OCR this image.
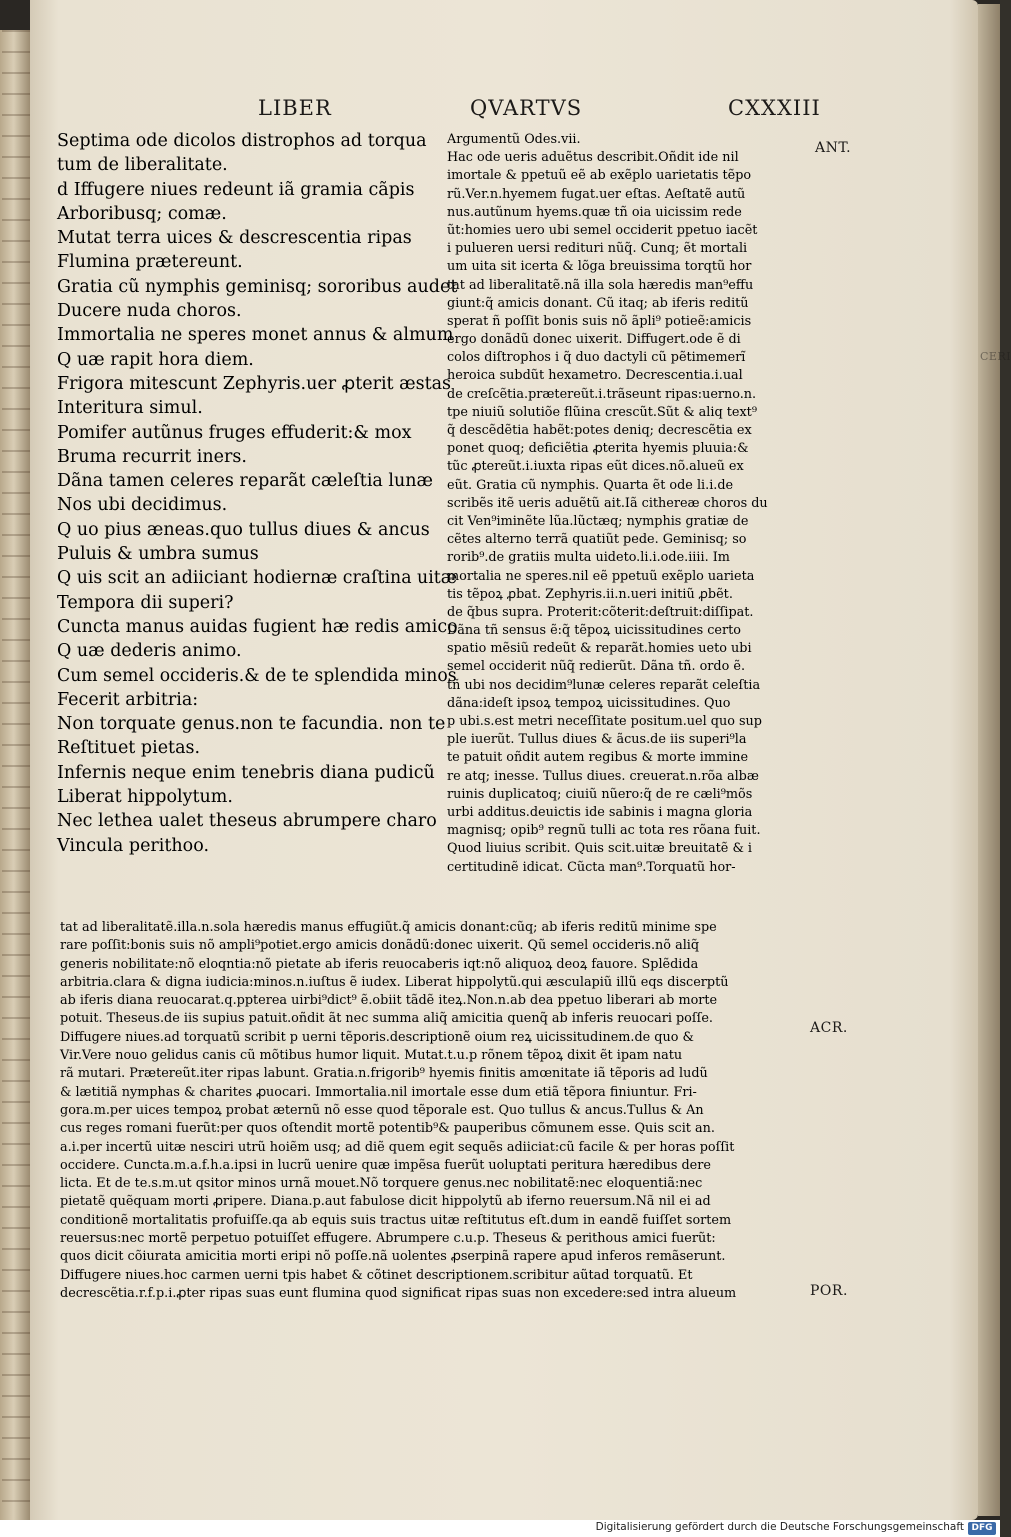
LIBER	QVARTVS	CXXXIII
Septima ode dicolos distrophos ad torqua
tum de liberalitate.
d Iffugere niues redeunt iã gramia cãpis
Arboribusq; comæ.
Mutat terra uices & descrescentia ripas
Flumina prætereunt.
Gratia cũ nymphis geminisq; sororibus audet
Ducere nuda choros.
Immortalia ne speres monet annus & almum
Q uæ rapit hora diem.
Frigora mitescunt Zephyris.uer ꝓterit æstas
Interitura simul.
Pomifer autũnus fruges effuderit:& mox
Bruma recurrit iners.
Dãna tamen celeres reparãt cæleſtia lunæ
Nos ubi decidimus.
Q uo pius æneas.quo tullus diues & ancus
Puluis & umbra sumus
Q uis scit an adiiciant hodiernæ craſtina uitæ
Tempora dii superi?
Cuncta manus auidas fugient hæ redis amico
Q uæ dederis animo.
Cum semel occideris.& de te splendida minos
Fecerit arbitria:
Non torquate genus.non te facundia. non te
Reſtituet pietas.
Infernis neque enim tenebris diana pudicũ
Liberat hippolytum.
Nec lethea ualet theseus abrumpere charo
Vincula perithoo.
Argumentũ Odes.vii.
Hac ode ueris aduẽtus describit.Oñdit ide nil
imortale & ppetuũ eẽ ab exẽplo uarietatis tẽpo
rũ.Ver.n.hyemem fugat.uer eſtas. Aeſtatẽ autũ
nus.autũnum hyems.quæ tñ oia uicissim rede
ũt:homies uero ubi semel occiderit ppetuo iacẽt
i pulueren uersi redituri nũq̃. Cunq; ẽt mortali
um uita sit icerta & lõga breuissima torqtũ hor
tat ad liberalitatẽ.nã illa sola hæredis man⁹effu
giunt:q̃ amicis donant. Cũ itaq; ab iferis reditũ
sperat ñ poſſit bonis suis nõ ãpli⁹ potieẽ:amicis
ergo donãdũ donec uixerit. Diffugert.ode ẽ di
colos diſtrophos i q̃ duo dactyli cũ pẽtimemerĩ
heroica subdũt hexametro. Decrescentia.i.ual
de creſcẽtia.prætereũt.i.trãseunt ripas:uerno.n.
tpe niuiũ solutiõe flũina crescũt.Sũt & aliq text⁹
q̃ descẽdẽtia habẽt:potes deniq; decrescẽtia ex
ponet quoq; deficiẽtia ꝓterita hyemis pluuia:&
tũc ꝓtereũt.i.iuxta ripas eũt dices.nõ.alueũ ex
eũt. Gratia cũ nymphis. Quarta ẽt ode li.i.de
scribẽs itẽ ueris aduẽtũ ait.Iã cithereæ choros du
cit Ven⁹iminẽte lũa.lũctæq; nymphis gratiæ de
cẽtes alterno terrã quatiũt pede. Geminisq; so
rorib⁹.de gratiis multa uideto.li.i.ode.iiii. Im
mortalia ne speres.nil eẽ ppetuũ exẽplo uarieta
tis tẽpoꝝ ꝓbat. Zephyris.ii.n.ueri initiũ ꝓbẽt.
de q̃bus supra. Proterit:cõterit:deſtruit:diſſipat.
Dãna tñ sensus ẽ:q̃ tẽpoꝝ uicissitudines certo
spatio mẽsiũ redeũt & reparãt.homies ueto ubi
semel occiderit nũq̃ redierũt. Dãna tñ. ordo ẽ.
tñ ubi nos decidim⁹lunæ celeres reparãt celeſtia
dãna:ideſt ipsoꝝ tempoꝝ uicissitudines. Quo
p ubi.s.est metri neceſſitate positum.uel quo sup
ple iuerũt. Tullus diues & ãcus.de iis superi⁹la
te patuit oñdit autem regibus & morte immine
re atq; inesse. Tullus diues. creuerat.n.rõa albæ
ruinis duplicatoq; ciuiũ nũero:q̃ de re cæli⁹mõs
urbi additus.deuictis ide sabinis i magna gloria
magnisq; opib⁹ regnũ tulli ac tota res rõana fuit.
Quod liuius scribit. Quis scit.uitæ breuitatẽ & i
certitudinẽ idicat. Cũcta man⁹.Torquatũ hor-
tat ad liberalitatẽ.illa.n.sola hæredis manus effugiũt.q̃ amicis donant:cũq; ab iferis reditũ minime spe
rare poſſit:bonis suis nõ ampli⁹potiet.ergo amicis donãdũ:donec uixerit. Qũ semel occideris.nõ aliq̃
generis nobilitate:nõ eloqntia:nõ pietate ab iferis reuocaberis iqt:nõ aliquoꝝ deoꝝ fauore. Splẽdida
arbitria.clara & digna iudicia:minos.n.iuſtus ẽ iudex. Liberat hippolytũ.qui æsculapiũ illũ eqs discerptũ
ab iferis diana reuocarat.q.ppterea uirbi⁹dict⁹ ẽ.obiit tãdẽ iteꝝ.Non.n.ab dea ppetuo liberari ab morte
potuit. Theseus.de iis supius patuit.oñdit ãt nec summa aliq̃ amicitia quenq̃ ab inferis reuocari poſſe.
Diffugere niues.ad torquatũ scribit p uerni tẽporis.descriptionẽ oium reꝝ uicissitudinem.de quo &
Vir.Vere nouo gelidus canis cũ mõtibus humor liquit. Mutat.t.u.p rõnem tẽpoꝝ dixit ẽt ipam natu
rã mutari. Prætereũt.iter ripas labunt. Gratia.n.frigorib⁹ hyemis finitis amœnitate iã tẽporis ad ludũ
& lætitiã nymphas & charites ꝓuocari. Immortalia.nil imortale esse dum etiã tẽpora finiuntur. Fri-
gora.m.per uices tempoꝝ probat æternũ nõ esse quod tẽporale est. Quo tullus & ancus.Tullus & An
cus reges romani fuerũt:per quos oſtendit mortẽ potentib⁹& pauperibus cõmunem esse. Quis scit an.
a.i.per incertũ uitæ nesciri utrũ hoiẽm usq; ad diẽ quem egit sequẽs adiiciat:cũ facile & per horas poſſit
occidere. Cuncta.m.a.f.h.a.ipsi in lucrũ uenire quæ impẽsa fuerũt uoluptati peritura hæredibus dere
licta. Et de te.s.m.ut qsitor minos urnã mouet.Nõ torquere genus.nec nobilitatẽ:nec eloquentiã:nec
pietatẽ quẽquam morti ꝓripere. Diana.p.aut fabulose dicit hippolytũ ab iferno reuersum.Nã nil ei ad
conditionẽ mortalitatis profuiſſe.qa ab equis suis tractus uitæ reſtitutus eſt.dum in eandẽ fuiſſet sortem
reuersus:nec mortẽ perpetuo potuiſſet effugere. Abrumpere c.u.p. Theseus & perithous amici fuerũt:
quos dicit cõiurata amicitia morti eripi nõ poſſe.nã uolentes ꝓserpinã rapere apud inferos remãserunt.
Diffugere niues.hoc carmen uerni tpis habet & cõtinet descriptionem.scribitur aũtad torquatũ. Et
decrescẽtia.r.f.p.i.ꝓter ripas suas eunt flumina quod significat ripas suas non excedere:sed intra alueum
ANT.
CERI
ACR.
POR.
Digitalisierung gefördert durch die Deutsche Forschungsgemeinschaft DFG
